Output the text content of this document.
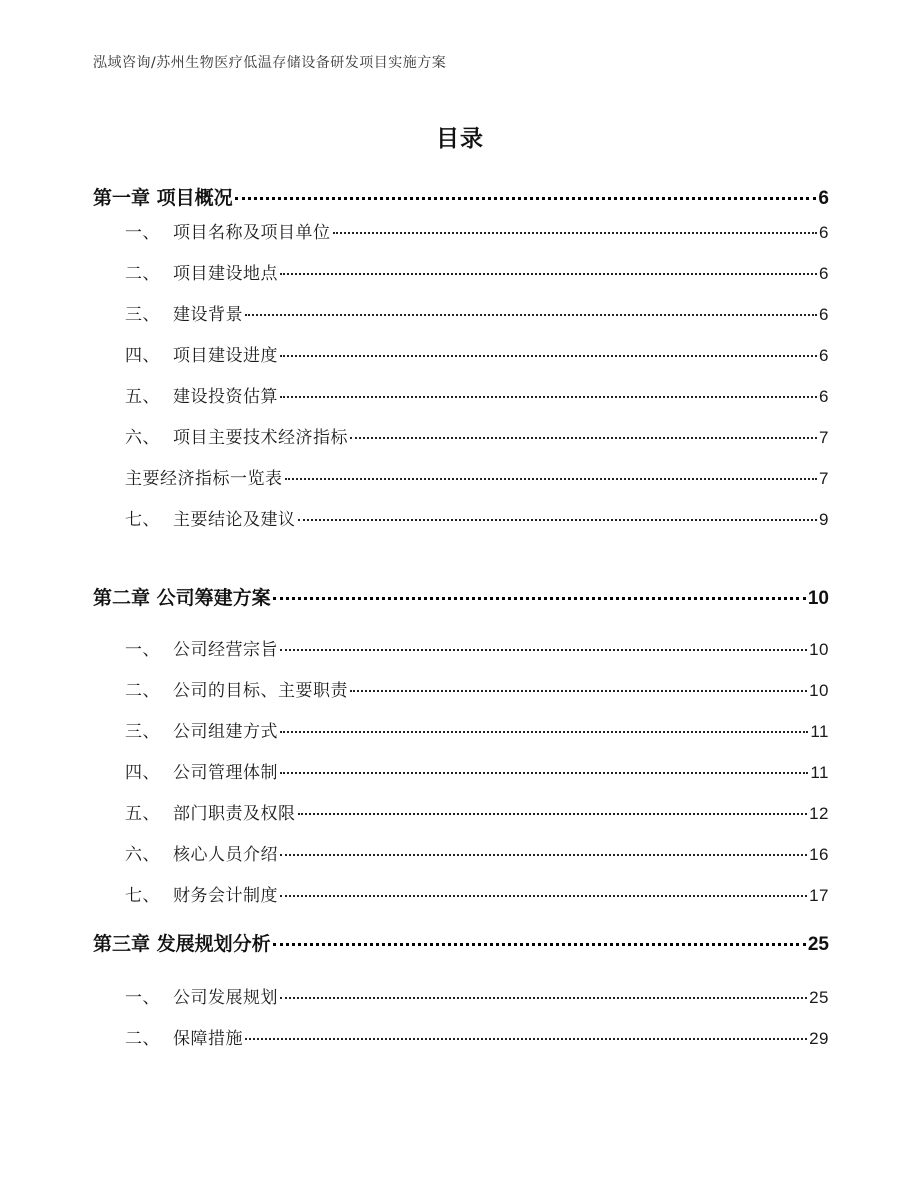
泓域咨询/苏州生物医疗低温存储设备研发项目实施方案
目录
第一章 项目概况	6
一、 项目名称及项目单位	6
二、 项目建设地点	6
三、 建设背景	6
四、 项目建设进度	6
五、 建设投资估算	6
六、 项目主要技术经济指标	7
主要经济指标一览表	7
七、 主要结论及建议	9
第二章 公司筹建方案	10
一、 公司经营宗旨	10
二、 公司的目标、主要职责	10
三、 公司组建方式	11
四、 公司管理体制	11
五、 部门职责及权限	12
六、 核心人员介绍	16
七、 财务会计制度	17
第三章 发展规划分析	25
一、 公司发展规划	25
二、 保障措施	29
